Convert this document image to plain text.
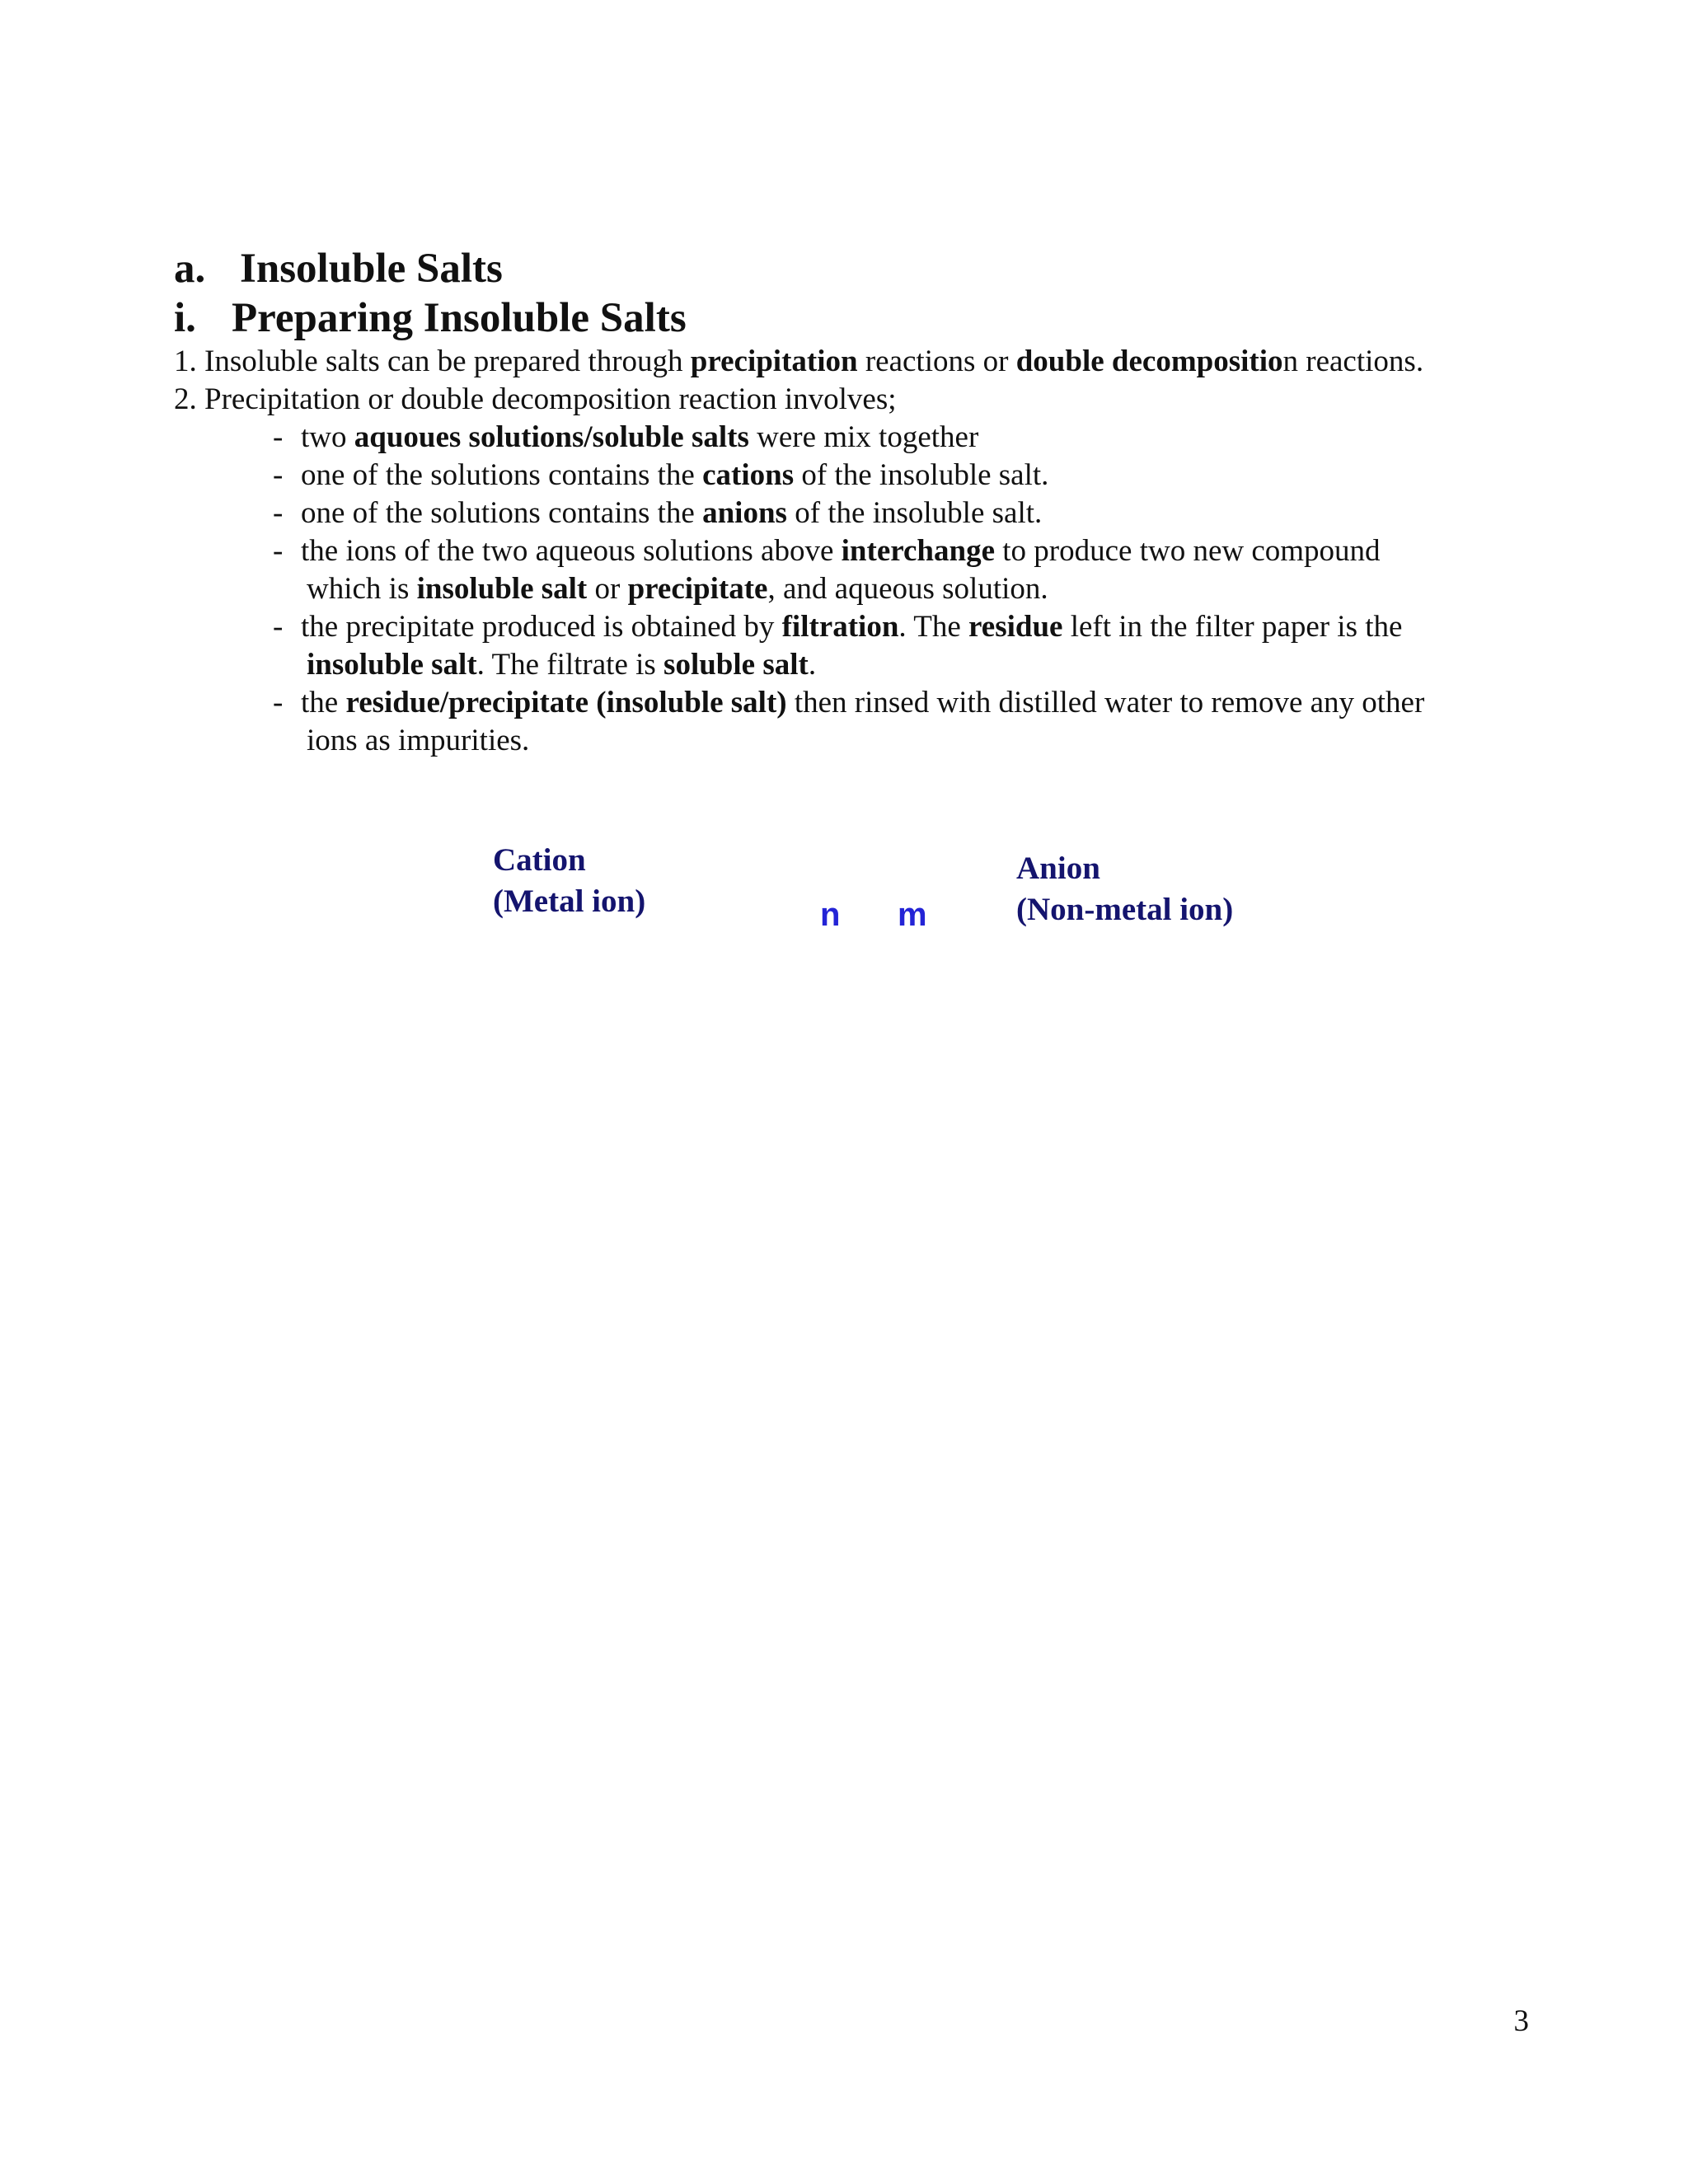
a. Insoluble Salts
i. Preparing Insoluble Salts

1. Insoluble salts can be prepared through precipitation reactions or double decomposition reactions.

2. Precipitation or double decomposition reaction involves;

- two aquoues solutions/soluble salts were mix together
- one of the solutions contains the cations of the insoluble salt.
- one of the solutions contains the anions of the insoluble salt.
- the ions of the two aqueous solutions above interchange to produce two new compound
which is insoluble salt or precipitate, and aqueous solution.
- the precipitate produced is obtained by filtration. The residue left in the filter paper is the
insoluble salt. The filtrate is soluble salt.
- the residue/precipitate (insoluble salt) then rinsed with distilled water to remove any other
ions as impurities.
Cation
(Metal ion)	n m
Anion
(Non-metal ion)
3
